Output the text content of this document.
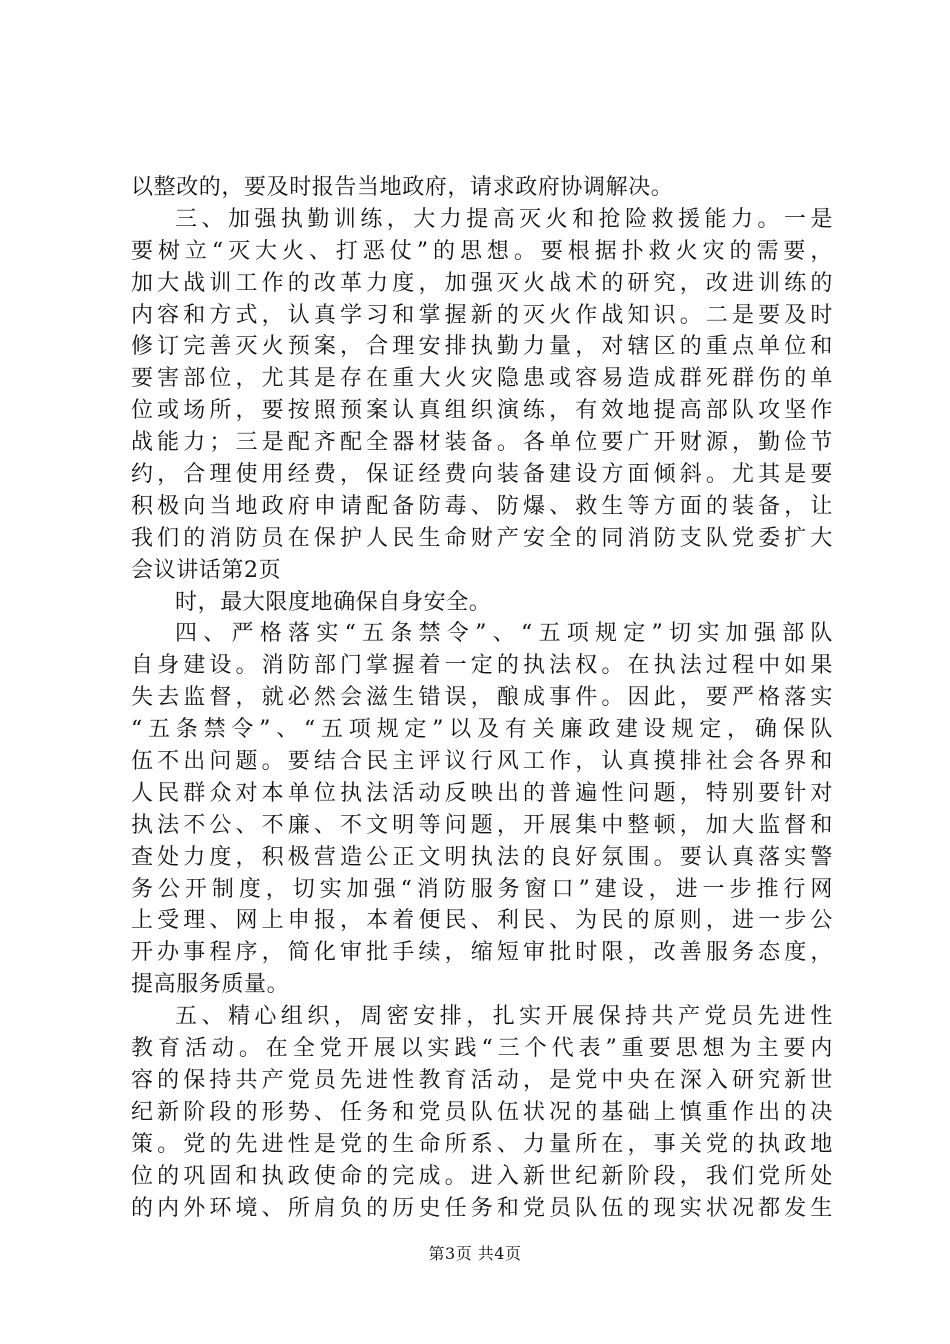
以整改的，要及时报告当地政府，请求政府协调解决。
三、加强执勤训练，大力提高灭火和抢险救援能力。一是
要树立“灭大火、打恶仗”的思想。要根据扑救火灾的需要，
加大战训工作的改革力度，加强灭火战术的研究，改进训练的
内容和方式，认真学习和掌握新的灭火作战知识。二是要及时
修订完善灭火预案，合理安排执勤力量，对辖区的重点单位和
要害部位，尤其是存在重大火灾隐患或容易造成群死群伤的单
位或场所，要按照预案认真组织演练，有效地提高部队攻坚作
战能力；三是配齐配全器材装备。各单位要广开财源，勤俭节
约，合理使用经费，保证经费向装备建设方面倾斜。尤其是要
积极向当地政府申请配备防毒、防爆、救生等方面的装备，让
我们的消防员在保护人民生命财产安全的同消防支队党委扩大
会议讲话第2页
时，最大限度地确保自身安全。
四、严格落实“五条禁令”、“五项规定”切实加强部队
自身建设。消防部门掌握着一定的执法权。在执法过程中如果
失去监督，就必然会滋生错误，酿成事件。因此，要严格落实
“五条禁令”、“五项规定”以及有关廉政建设规定，确保队
伍不出问题。要结合民主评议行风工作，认真摸排社会各界和
人民群众对本单位执法活动反映出的普遍性问题，特别要针对
执法不公、不廉、不文明等问题，开展集中整顿，加大监督和
查处力度，积极营造公正文明执法的良好氛围。要认真落实警
务公开制度，切实加强“消防服务窗口”建设，进一步推行网
上受理、网上申报，本着便民、利民、为民的原则，进一步公
开办事程序，简化审批手续，缩短审批时限，改善服务态度，
提高服务质量。
五、精心组织，周密安排，扎实开展保持共产党员先进性
教育活动。在全党开展以实践“三个代表”重要思想为主要内
容的保持共产党员先进性教育活动，是党中央在深入研究新世
纪新阶段的形势、任务和党员队伍状况的基础上慎重作出的决
策。党的先进性是党的生命所系、力量所在，事关党的执政地
位的巩固和执政使命的完成。进入新世纪新阶段，我们党所处
的内外环境、所肩负的历史任务和党员队伍的现实状况都发生
第3页 共4页
